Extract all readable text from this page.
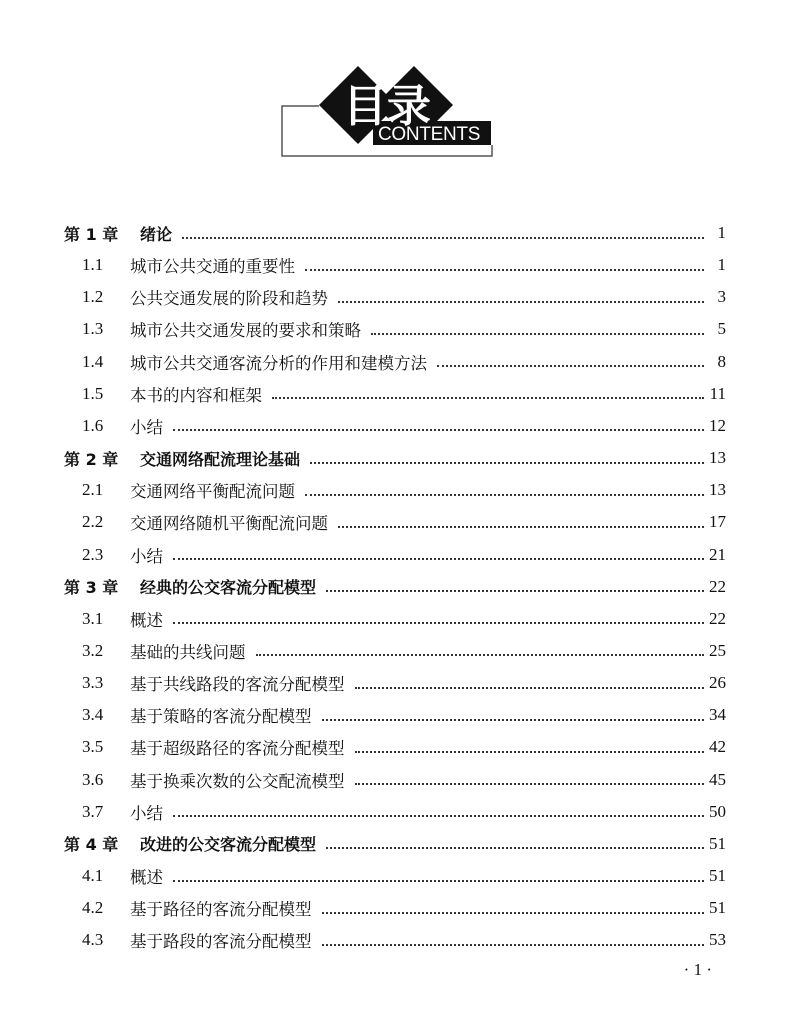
目录
CONTENTS
第 1 章	绪论	1
1.1	城市公共交通的重要性	1
1.2	公共交通发展的阶段和趋势	3
1.3	城市公共交通发展的要求和策略	5
1.4	城市公共交通客流分析的作用和建模方法	8
1.5	本书的内容和框架	11
1.6	小结	12
第 2 章	交通网络配流理论基础	13
2.1	交通网络平衡配流问题	13
2.2	交通网络随机平衡配流问题	17
2.3	小结	21
第 3 章	经典的公交客流分配模型	22
3.1	概述	22
3.2	基础的共线问题	25
3.3	基于共线路段的客流分配模型	26
3.4	基于策略的客流分配模型	34
3.5	基于超级路径的客流分配模型	42
3.6	基于换乘次数的公交配流模型	45
3.7	小结	50
第 4 章	改进的公交客流分配模型	51
4.1	概述	51
4.2	基于路径的客流分配模型	51
4.3	基于路段的客流分配模型	53
· 1 ·
